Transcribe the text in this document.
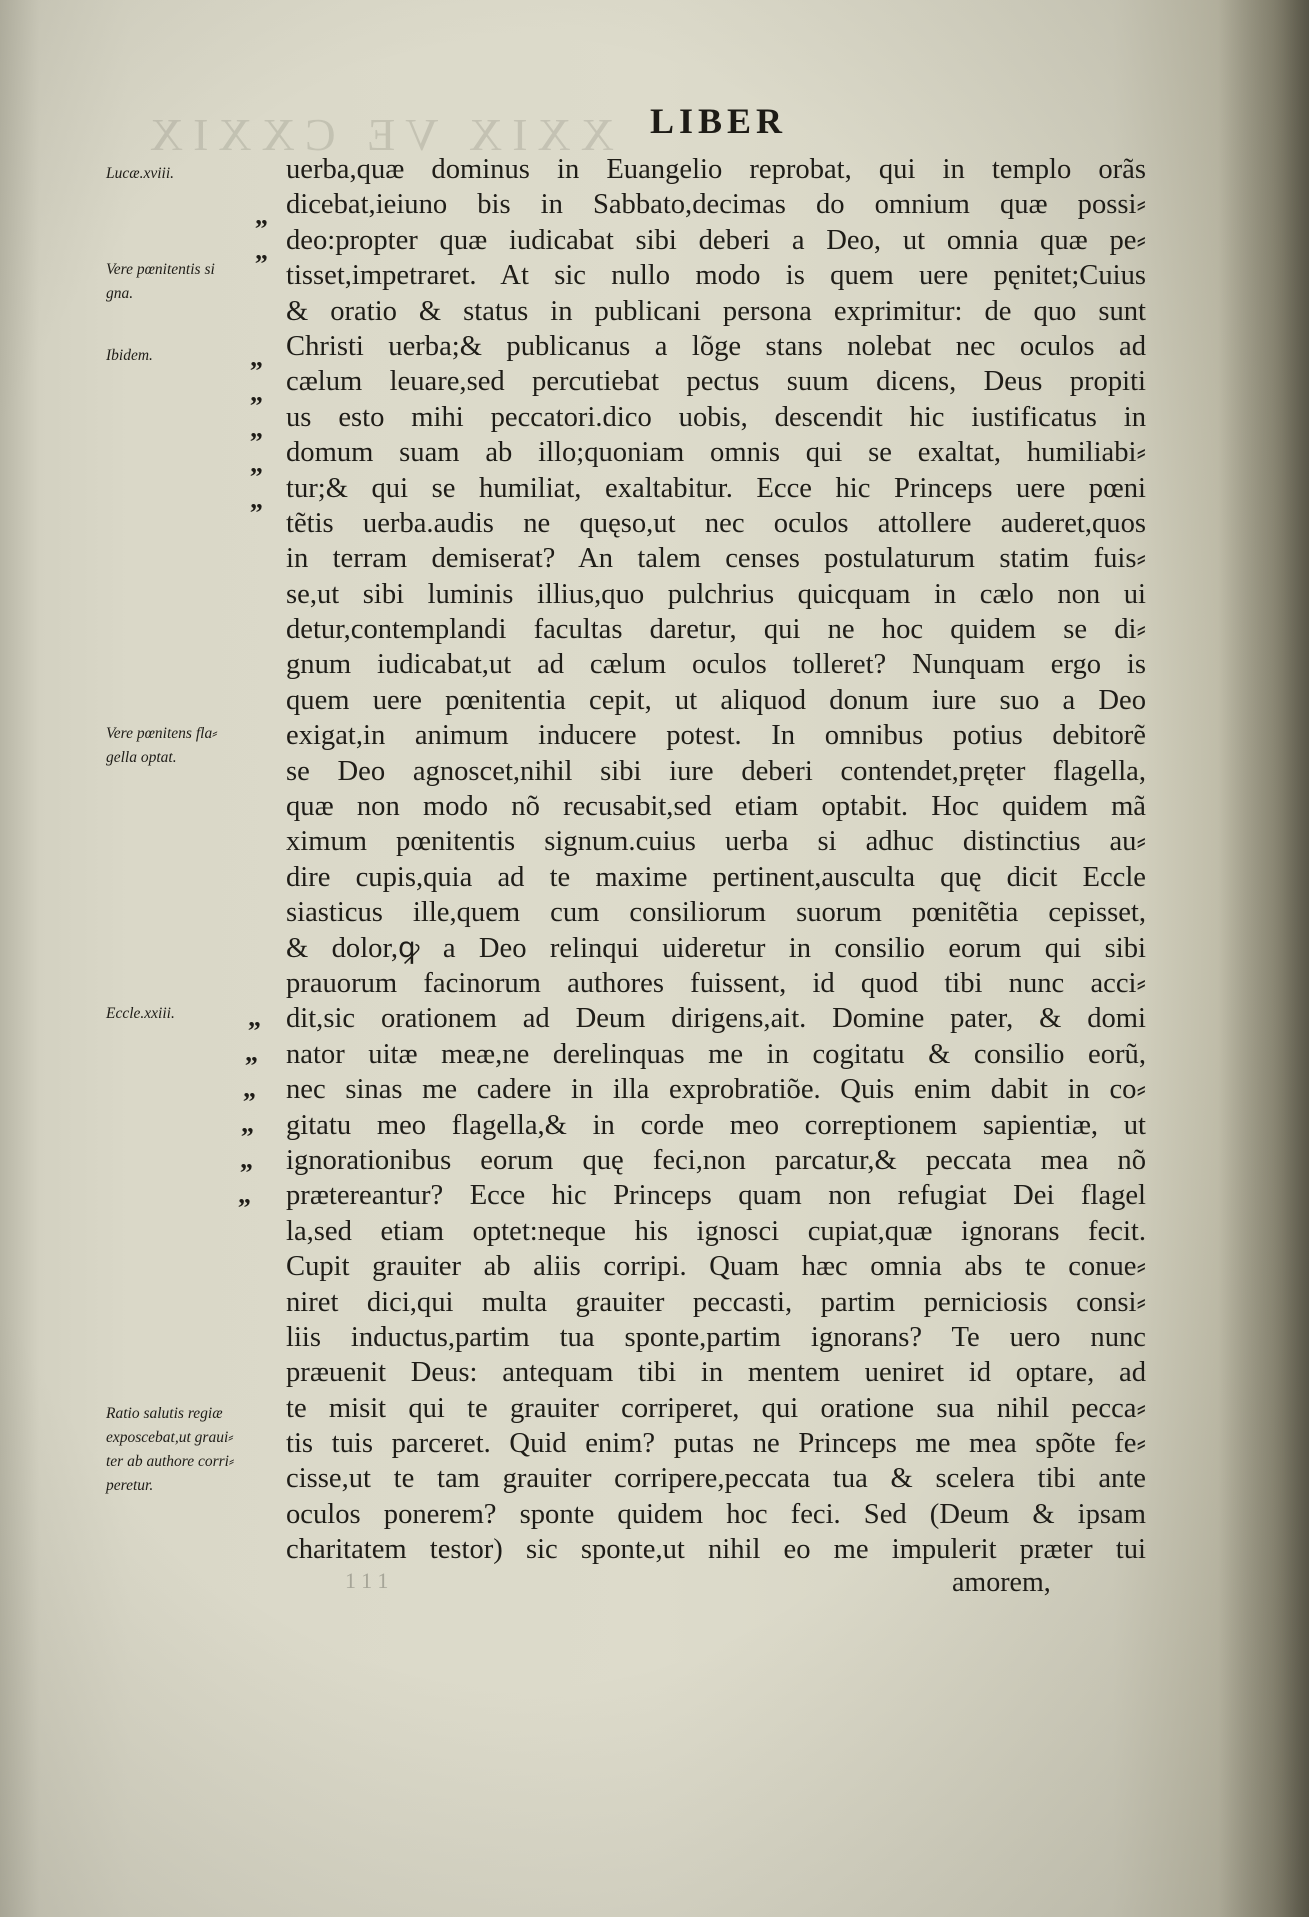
XXIX VE CXXIX LIBER
Lucæ.xviii.
Vere pœnitentis si
gna.
Ibidem.
Vere pœnitens fla⸗
gella optat.
Eccle.xxiii.
Ratio salutis regiæ
exposcebat,ut graui⸗
ter ab authore corri⸗
peretur.
„
„
„
„
„
„
„
„
„
„
„
„
„
uerba,quæ dominus in Euangelio reprobat, qui in templo orãs
dicebat,ieiuno bis in Sabbato,decimas do omnium quæ possi⸗
deo:propter quæ iudicabat sibi deberi a Deo, ut omnia quæ pe⸗
tisset,impetraret. At sic nullo modo is quem uere pęnitet;Cuius
& oratio & status in publicani persona exprimitur: de quo sunt
Christi uerba;& publicanus a lõge stans nolebat nec oculos ad
cælum leuare,sed percutiebat pectus suum dicens, Deus propiti
us esto mihi peccatori.dico uobis, descendit hic iustificatus in
domum suam ab illo;quoniam omnis qui se exaltat, humiliabi⸗
tur;& qui se humiliat, exaltabitur. Ecce hic Princeps uere pœni
tẽtis uerba.audis ne quęso,ut nec oculos attollere auderet,quos
in terram demiserat? An talem censes postulaturum statim fuis⸗
se,ut sibi luminis illius,quo pulchrius quicquam in cælo non ui
detur,contemplandi facultas daretur, qui ne hoc quidem se di⸗
gnum iudicabat,ut ad cælum oculos tolleret? Nunquam ergo is
quem uere pœnitentia cepit, ut aliquod donum iure suo a Deo
exigat,in animum inducere potest. In omnibus potius debitorẽ
se Deo agnoscet,nihil sibi iure deberi contendet,pręter flagella,
quæ non modo nõ recusabit,sed etiam optabit. Hoc quidem mã
ximum pœnitentis signum.cuius uerba si adhuc distinctius au⸗
dire cupis,quia ad te maxime pertinent,ausculta quę dicit Eccle
siasticus ille,quem cum consiliorum suorum pœnitẽtia cepisset,
& dolor,ꝙ a Deo relinqui uideretur in consilio eorum qui sibi
prauorum facinorum authores fuissent, id quod tibi nunc acci⸗
dit,sic orationem ad Deum dirigens,ait. Domine pater, & domi
nator uitæ meæ,ne derelinquas me in cogitatu & consilio eorũ,
nec sinas me cadere in illa exprobratiõe. Quis enim dabit in co⸗
gitatu meo flagella,& in corde meo correptionem sapientiæ, ut
ignorationibus eorum quę feci,non parcatur,& peccata mea nõ
prætereantur? Ecce hic Princeps quam non refugiat Dei flagel
la,sed etiam optet:neque his ignosci cupiat,quæ ignorans fecit.
Cupit grauiter ab aliis corripi. Quam hæc omnia abs te conue⸗
niret dici,qui multa grauiter peccasti, partim perniciosis consi⸗
liis inductus,partim tua sponte,partim ignorans? Te uero nunc
præuenit Deus: antequam tibi in mentem ueniret id optare, ad
te misit qui te grauiter corriperet, qui oratione sua nihil pecca⸗
tis tuis parceret. Quid enim? putas ne Princeps me mea spõte fe⸗
cisse,ut te tam grauiter corripere,peccata tua & scelera tibi ante
oculos ponerem? sponte quidem hoc feci. Sed (Deum & ipsam
charitatem testor) sic sponte,ut nihil eo me impulerit præter tui
111	amorem,
